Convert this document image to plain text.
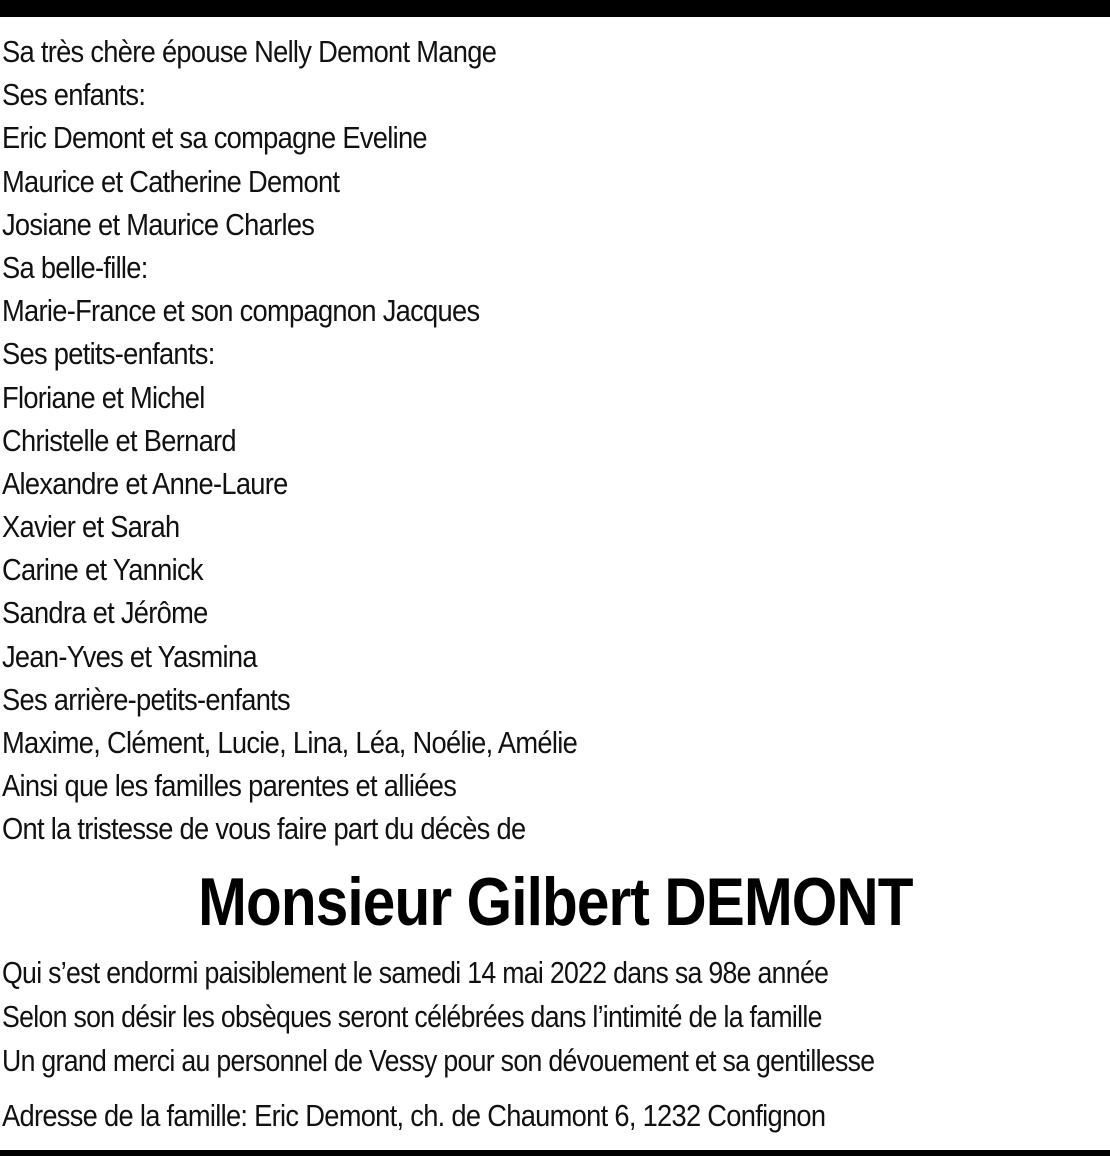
Sa très chère épouse Nelly Demont Mange
Ses enfants:
Eric Demont et sa compagne Eveline
Maurice et Catherine Demont
Josiane et Maurice Charles
Sa belle-fille:
Marie-France et son compagnon Jacques
Ses petits-enfants:
Floriane et Michel
Christelle et Bernard
Alexandre et Anne-Laure
Xavier et Sarah
Carine et Yannick
Sandra et Jérôme
Jean-Yves et Yasmina
Ses arrière-petits-enfants
Maxime, Clément, Lucie, Lina, Léa, Noélie, Amélie
Ainsi que les familles parentes et alliées
Ont la tristesse de vous faire part du décès de
Monsieur Gilbert DEMONT
Qui s’est endormi paisiblement le samedi 14 mai 2022 dans sa 98e année
Selon son désir les obsèques seront célébrées dans l’intimité de la famille
Un grand merci au personnel de Vessy pour son dévouement et sa gentillesse
Adresse de la famille: Eric Demont, ch. de Chaumont 6, 1232 Confignon
